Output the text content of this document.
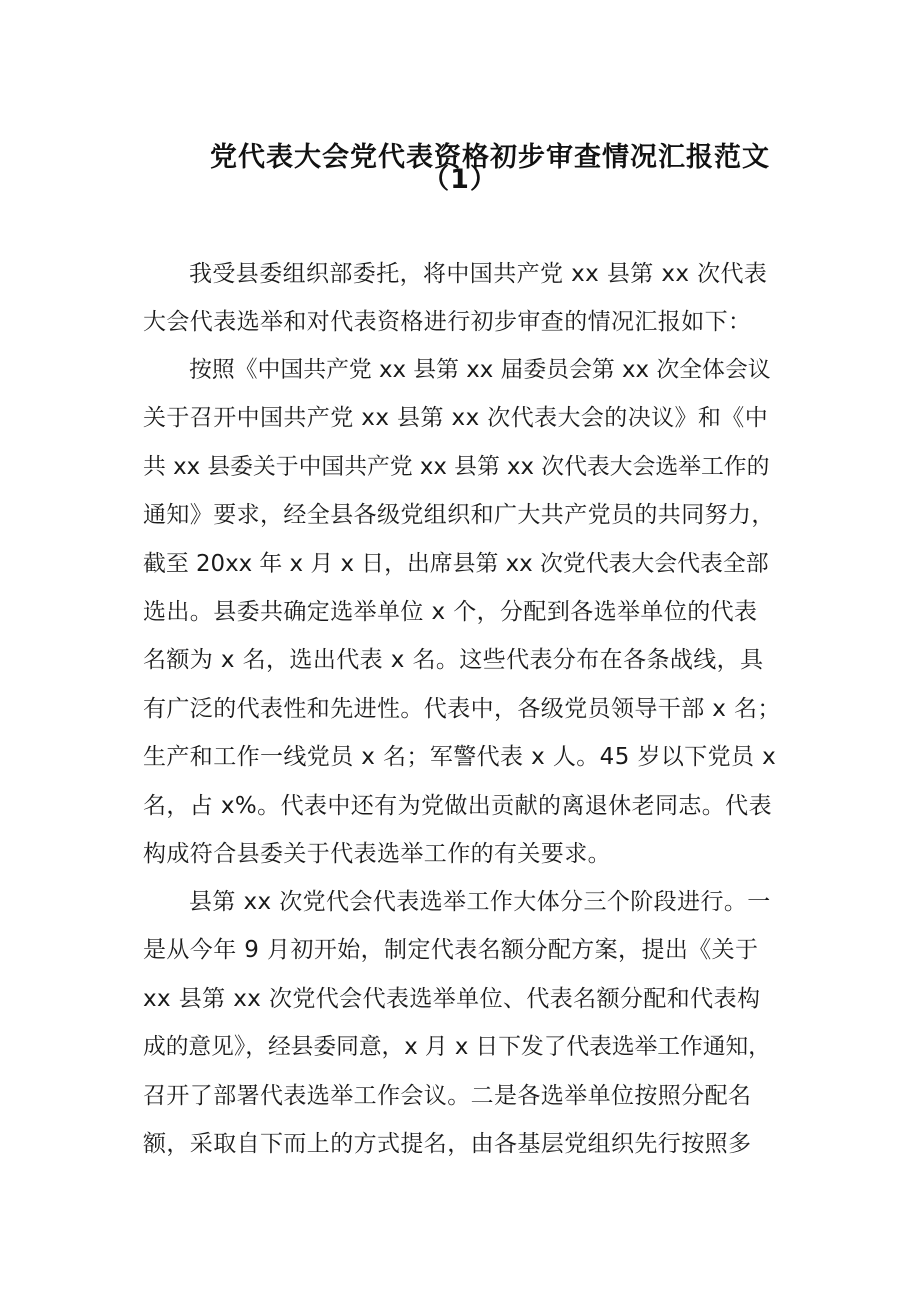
党代表大会党代表资格初步审查情况汇报范文
（1）
我受县委组织部委托，将中国共产党 xx 县第 xx 次代表
大会代表选举和对代表资格进行初步审查的情况汇报如下：
按照《中国共产党 xx 县第 xx 届委员会第 xx 次全体会议
关于召开中国共产党 xx 县第 xx 次代表大会的决议》和《中
共 xx 县委关于中国共产党 xx 县第 xx 次代表大会选举工作的
通知》要求，经全县各级党组织和广大共产党员的共同努力，
截至 20xx 年 x 月 x 日，出席县第 xx 次党代表大会代表全部
选出。县委共确定选举单位 x 个，分配到各选举单位的代表
名额为 x 名，选出代表 x 名。这些代表分布在各条战线，具
有广泛的代表性和先进性。代表中，各级党员领导干部 x 名；
生产和工作一线党员 x 名；军警代表 x 人。45 岁以下党员 x
名，占 x%。代表中还有为党做出贡献的离退休老同志。代表
构成符合县委关于代表选举工作的有关要求。
县第 xx 次党代会代表选举工作大体分三个阶段进行。一
是从今年 9 月初开始，制定代表名额分配方案，提出《关于
xx 县第 xx 次党代会代表选举单位、代表名额分配和代表构
成的意见》，经县委同意，x 月 x 日下发了代表选举工作通知，
召开了部署代表选举工作会议。二是各选举单位按照分配名
额，采取自下而上的方式提名，由各基层党组织先行按照多
